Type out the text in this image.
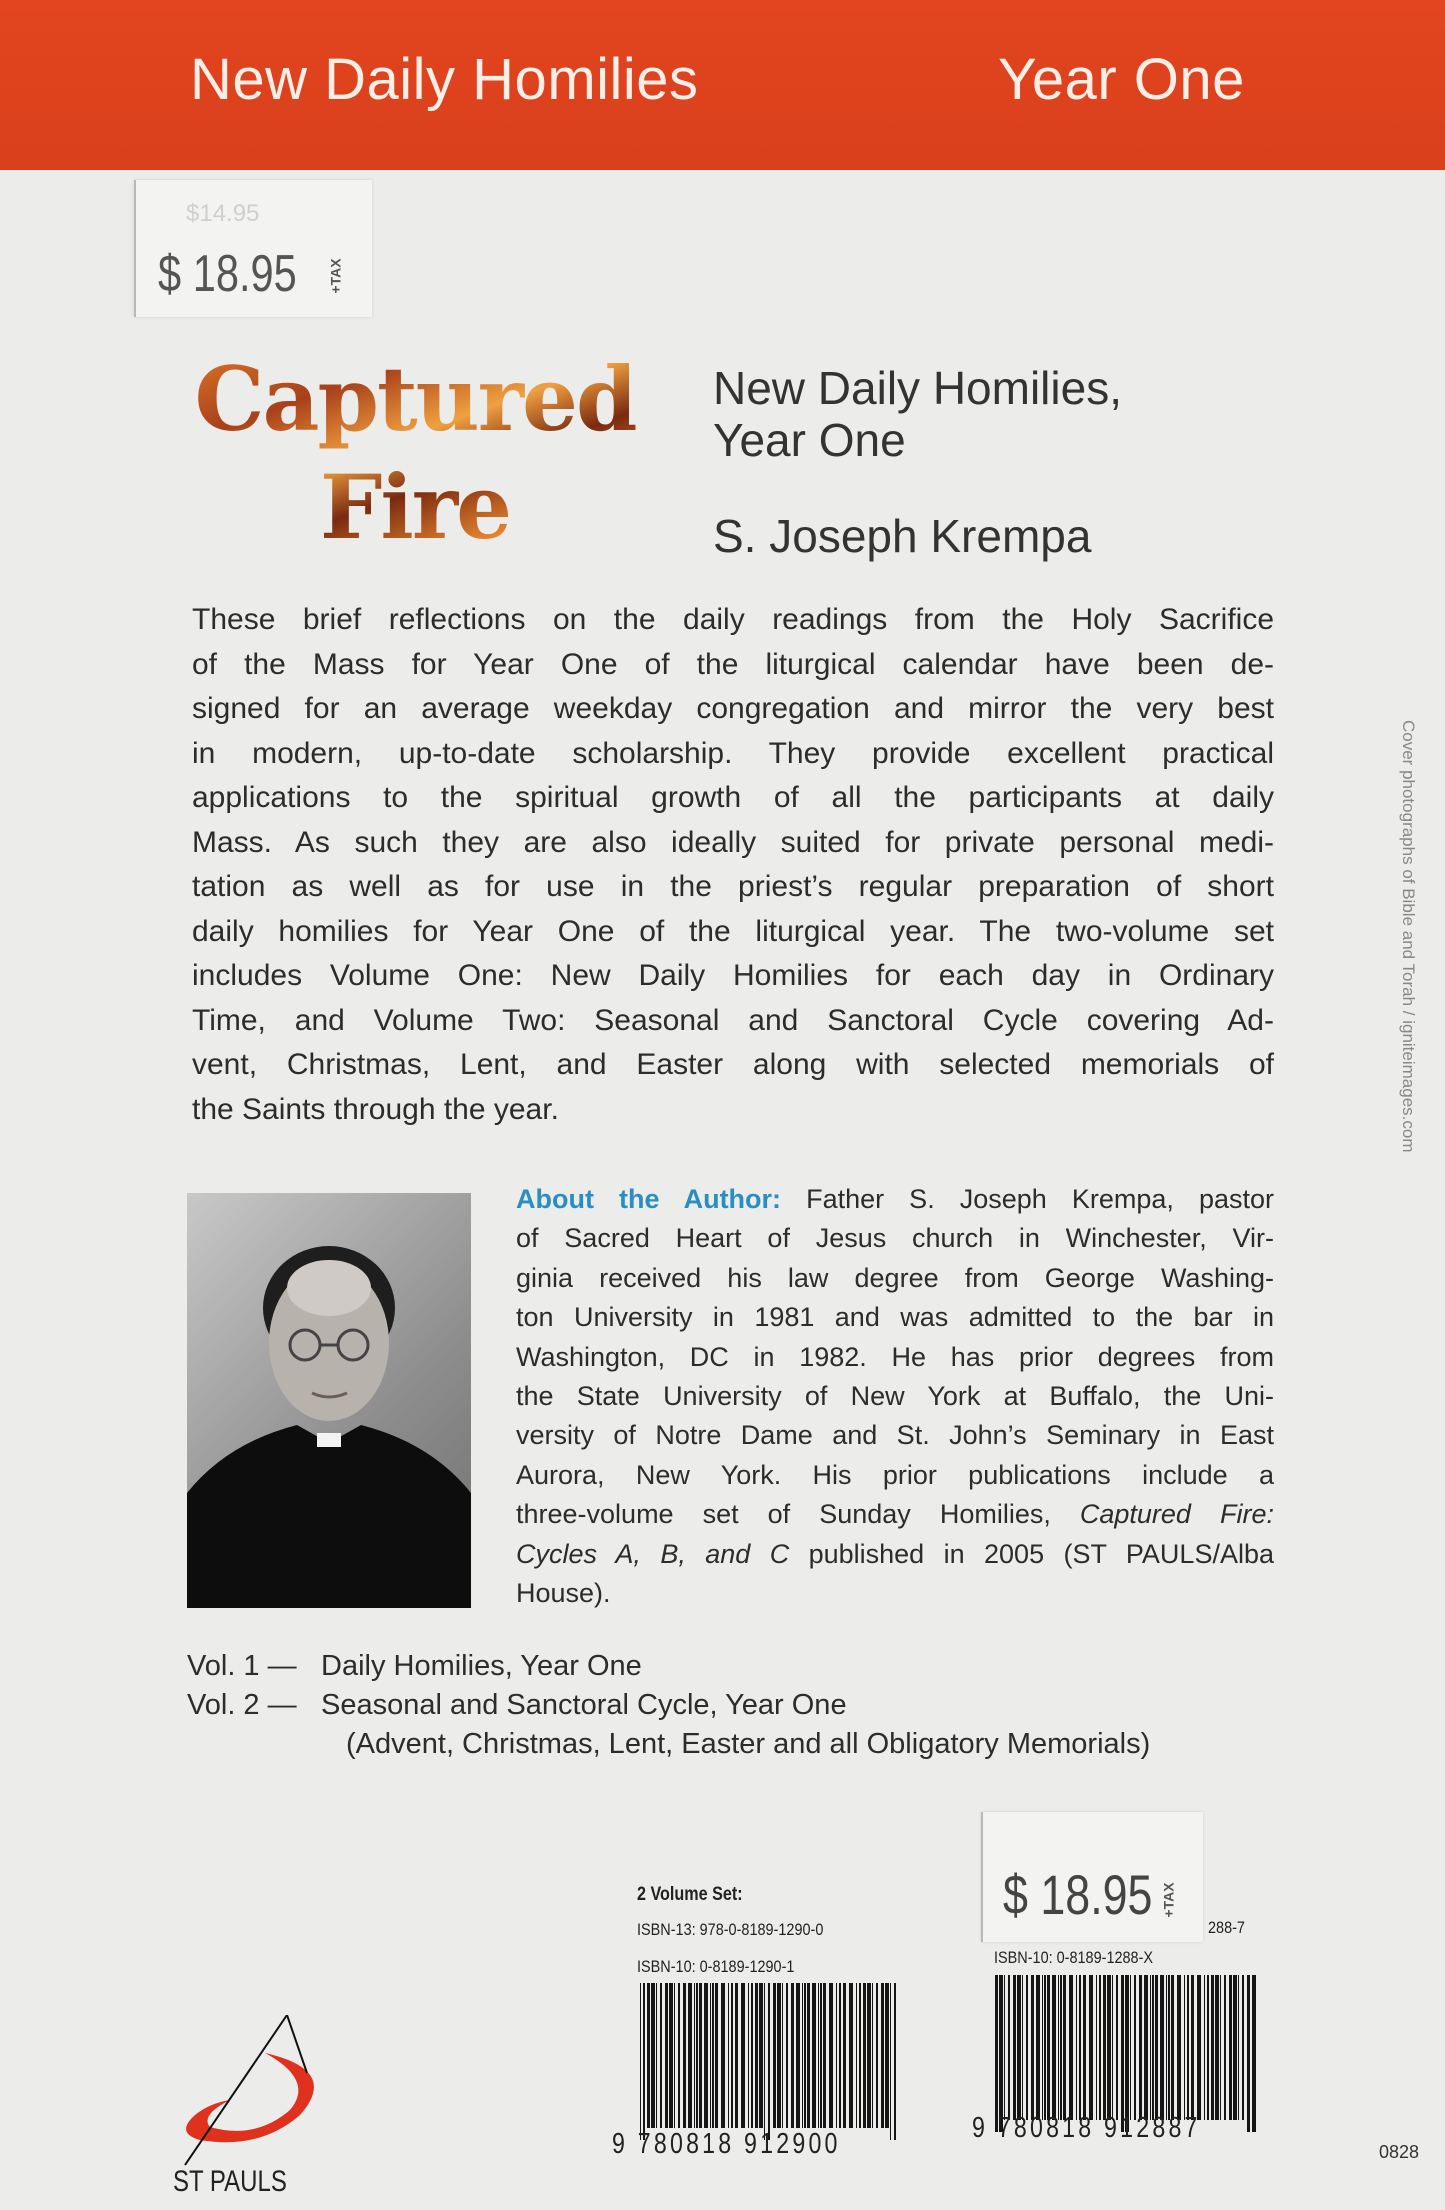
New Daily Homilies	Year One
$14.95
$ 18.95 +TAX
Captured
Fire
New Daily Homilies,
Year One
S. Joseph Krempa
These brief reflections on the daily readings from the Holy Sacrifice
of the Mass for Year One of the liturgical calendar have been de-
signed for an average weekday congregation and mirror the very best
in modern, up-to-date scholarship. They provide excellent practical
applications to the spiritual growth of all the participants at daily
Mass. As such they are also ideally suited for private personal medi-
tation as well as for use in the priest’s regular preparation of short
daily homilies for Year One of the liturgical year. The two-volume set
includes Volume One: New Daily Homilies for each day in Ordinary
Time, and Volume Two: Seasonal and Sanctoral Cycle covering Ad-
vent, Christmas, Lent, and Easter along with selected memorials of
the Saints through the year.
About the Author: Father S. Joseph Krempa, pastor
of Sacred Heart of Jesus church in Winchester, Vir-
ginia received his law degree from George Washing-
ton University in 1981 and was admitted to the bar in
Washington, DC in 1982. He has prior degrees from
the State University of New York at Buffalo, the Uni-
versity of Notre Dame and St. John’s Seminary in East
Aurora, New York. His prior publications include a
three-volume set of Sunday Homilies, Captured Fire:
Cycles A, B, and C published in 2005 (ST PAULS/Alba
House).
Vol. 1 — Daily Homilies, Year One
Vol. 2 — Seasonal and Sanctoral Cycle, Year One
(Advent, Christmas, Lent, Easter and all Obligatory Memorials)
2 Volume Set:
ISBN-13: 978-0-8189-1290-0
ISBN-10: 0-8189-1290-1
9 780818 912900
$ 18.95 +TAX
288-7
ISBN-10: 0-8189-1288-X
9 780818 912887
ST PAULS
0828
Cover photographs of Bible and Torah / igniteimages.com
